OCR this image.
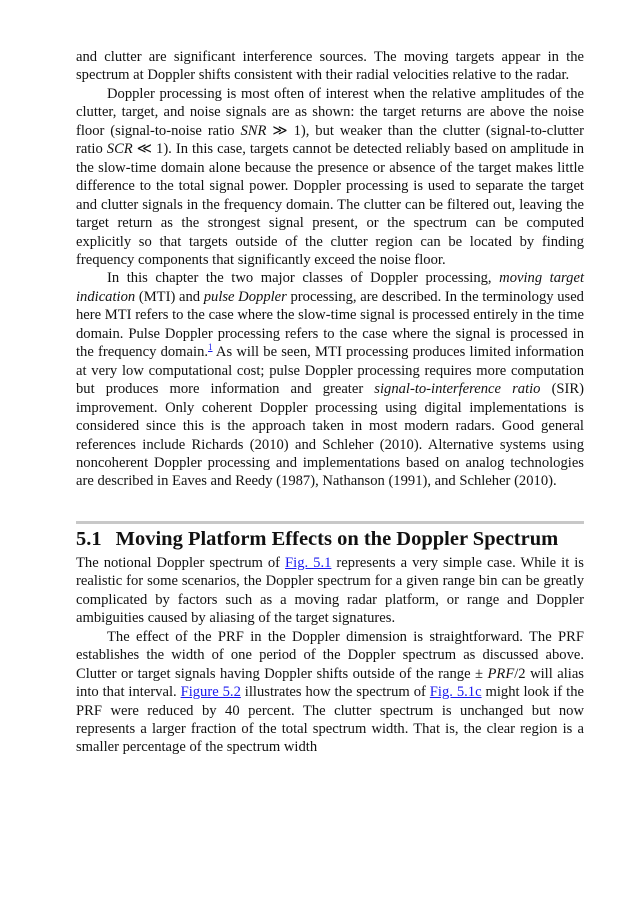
and clutter are significant interference sources. The moving targets appear in the spectrum at Doppler shifts consistent with their radial velocities relative to the radar.

Doppler processing is most often of interest when the relative amplitudes of the clutter, target, and noise signals are as shown: the target returns are above the noise floor (signal-to-noise ratio SNR ≫ 1), but weaker than the clutter (signal-to-clutter ratio SCR ≪ 1). In this case, targets cannot be detected reliably based on amplitude in the slow-time domain alone because the presence or absence of the target makes little difference to the total signal power. Doppler processing is used to separate the target and clutter signals in the frequency domain. The clutter can be filtered out, leaving the target return as the strongest signal present, or the spectrum can be computed explicitly so that targets outside of the clutter region can be located by finding frequency components that significantly exceed the noise floor.

In this chapter the two major classes of Doppler processing, moving target indication (MTI) and pulse Doppler processing, are described. In the terminology used here MTI refers to the case where the slow-time signal is processed entirely in the time domain. Pulse Doppler processing refers to the case where the signal is processed in the frequency domain.$^1$ As will be seen, MTI processing produces limited information at very low computational cost; pulse Doppler processing requires more computation but produces more information and greater signal-to-interference ratio (SIR) improvement. Only coherent Doppler processing using digital implementations is considered since this is the approach taken in most modern radars. Good general references include Richards (2010) and Schleher (2010). Alternative systems using noncoherent Doppler processing and implementations based on analog technologies are described in Eaves and Reedy (1987), Nathanson (1991), and Schleher (2010).

5.1 Moving Platform Effects on the Doppler Spectrum

The notional Doppler spectrum of Fig. 5.1 represents a very simple case. While it is realistic for some scenarios, the Doppler spectrum for a given range bin can be greatly complicated by factors such as a moving radar platform, or range and Doppler ambiguities caused by aliasing of the target signatures.

The effect of the PRF in the Doppler dimension is straightforward. The PRF establishes the width of one period of the Doppler spectrum as discussed above. Clutter or target signals having Doppler shifts outside of the range ± PRF/2 will alias into that interval. Figure 5.2 illustrates how the spectrum of Fig. 5.1c might look if the PRF were reduced by 40 percent. The clutter spectrum is unchanged but now represents a larger fraction of the total spectrum width. That is, the clear region is a smaller percentage of the spectrum width
